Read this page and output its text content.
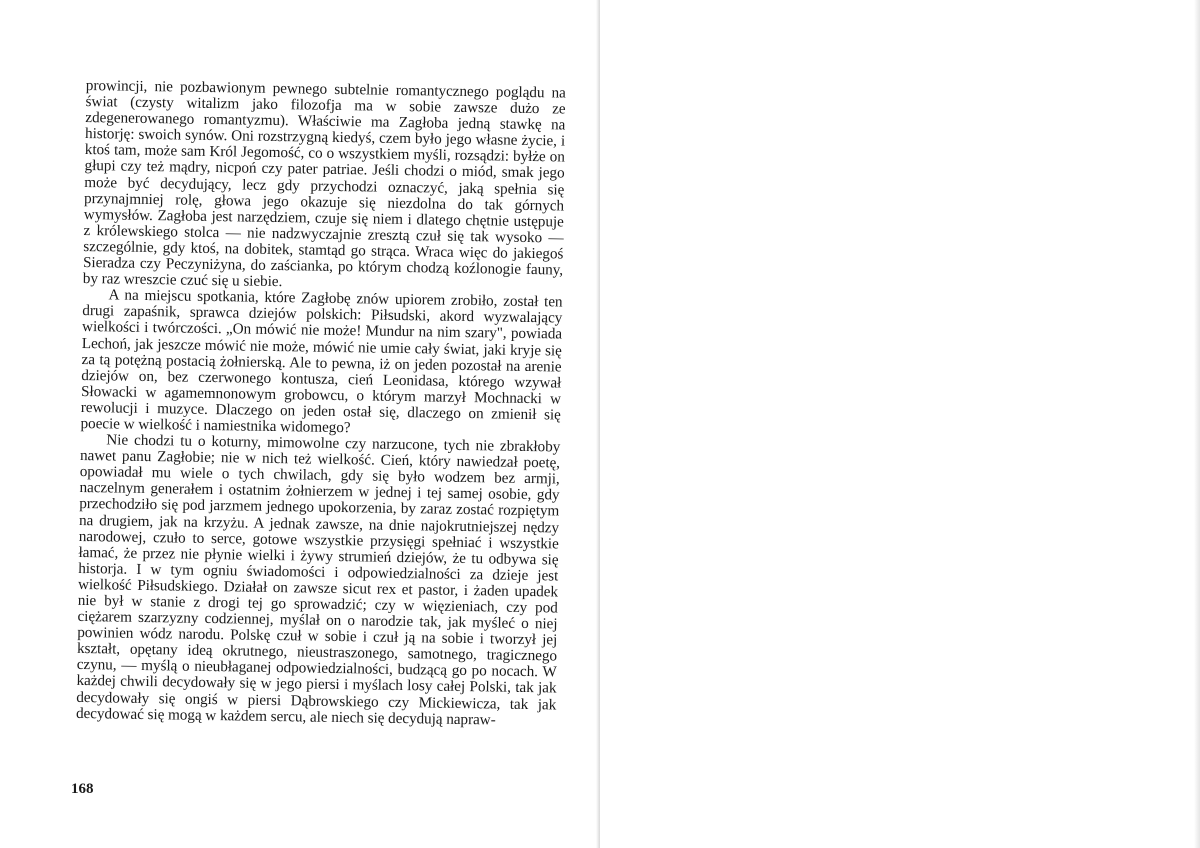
prowincji, nie pozbawionym pewnego subtelnie romantycznego poglądu na świat (czysty witalizm jako filozofja ma w sobie zawsze dużo ze zdegenerowanego romantyzmu). Właściwie ma Zagłoba jedną stawkę na historję: swoich synów. Oni rozstrzygną kiedyś, czem było jego własne życie, i ktoś tam, może sam Król Jegomość, co o wszystkiem myśli, rozsądzi: byłże on głupi czy też mądry, nicpoń czy pater patriae. Jeśli chodzi o miód, smak jego może być decydujący, lecz gdy przychodzi oznaczyć, jaką spełnia się przynajmniej rolę, głowa jego okazuje się niezdolna do tak górnych wymysłów. Zagłoba jest narzędziem, czuje się niem i dlatego chętnie ustępuje z królewskiego stolca — nie nadzwyczajnie zresztą czuł się tak wysoko — szczególnie, gdy ktoś, na dobitek, stamtąd go strąca. Wraca więc do jakiegoś Sieradza czy Peczyniżyna, do zaścianka, po którym chodzą koźlonogie fauny, by raz wreszcie czuć się u siebie.

A na miejscu spotkania, które Zagłobę znów upiorem zrobiło, został ten drugi zapaśnik, sprawca dziejów polskich: Piłsudski, akord wyzwalający wielkości i twórczości. „On mówić nie może! Mundur na nim szary", powiada Lechoń, jak jeszcze mówić nie może, mówić nie umie cały świat, jaki kryje się za tą potężną postacią żołnierską. Ale to pewna, iż on jeden pozostał na arenie dziejów on, bez czerwonego kontusza, cień Leonidasa, którego wzywał Słowacki w agamemnonowym grobowcu, o którym marzył Mochnacki w rewolucji i muzyce. Dlaczego on jeden ostał się, dlaczego on zmienił się poecie w wielkość i namiestnika widomego?

Nie chodzi tu o koturny, mimowolne czy narzucone, tych nie zbrakłoby nawet panu Zagłobie; nie w nich też wielkość. Cień, który nawiedzał poetę, opowiadał mu wiele o tych chwilach, gdy się było wodzem bez armji, naczelnym generałem i ostatnim żołnierzem w jednej i tej samej osobie, gdy przechodziło się pod jarzmem jednego upokorzenia, by zaraz zostać rozpiętym na drugiem, jak na krzyżu. A jednak zawsze, na dnie najokrutniejszej nędzy narodowej, czuło to serce, gotowe wszystkie przysięgi spełniać i wszystkie łamać, że przez nie płynie wielki i żywy strumień dziejów, że tu odbywa się historja. I w tym ogniu świadomości i odpowiedzialności za dzieje jest wielkość Piłsudskiego. Działał on zawsze sicut rex et pastor, i żaden upadek nie był w stanie z drogi tej go sprowadzić; czy w więzieniach, czy pod ciężarem szarzyzny codziennej, myślał on o narodzie tak, jak myśleć o niej powinien wódz narodu. Polskę czuł w sobie i czuł ją na sobie i tworzył jej kształt, opętany ideą okrutnego, nieustraszonego, samotnego, tragicznego czynu, — myślą o nieubłaganej odpowiedzialności, budzącą go po nocach. W każdej chwili decydowały się w jego piersi i myślach losy całej Polski, tak jak decydowały się ongiś w piersi Dąbrowskiego czy Mickiewicza, tak jak decydować się mogą w każdem sercu, ale niech się decydują napraw-

168
